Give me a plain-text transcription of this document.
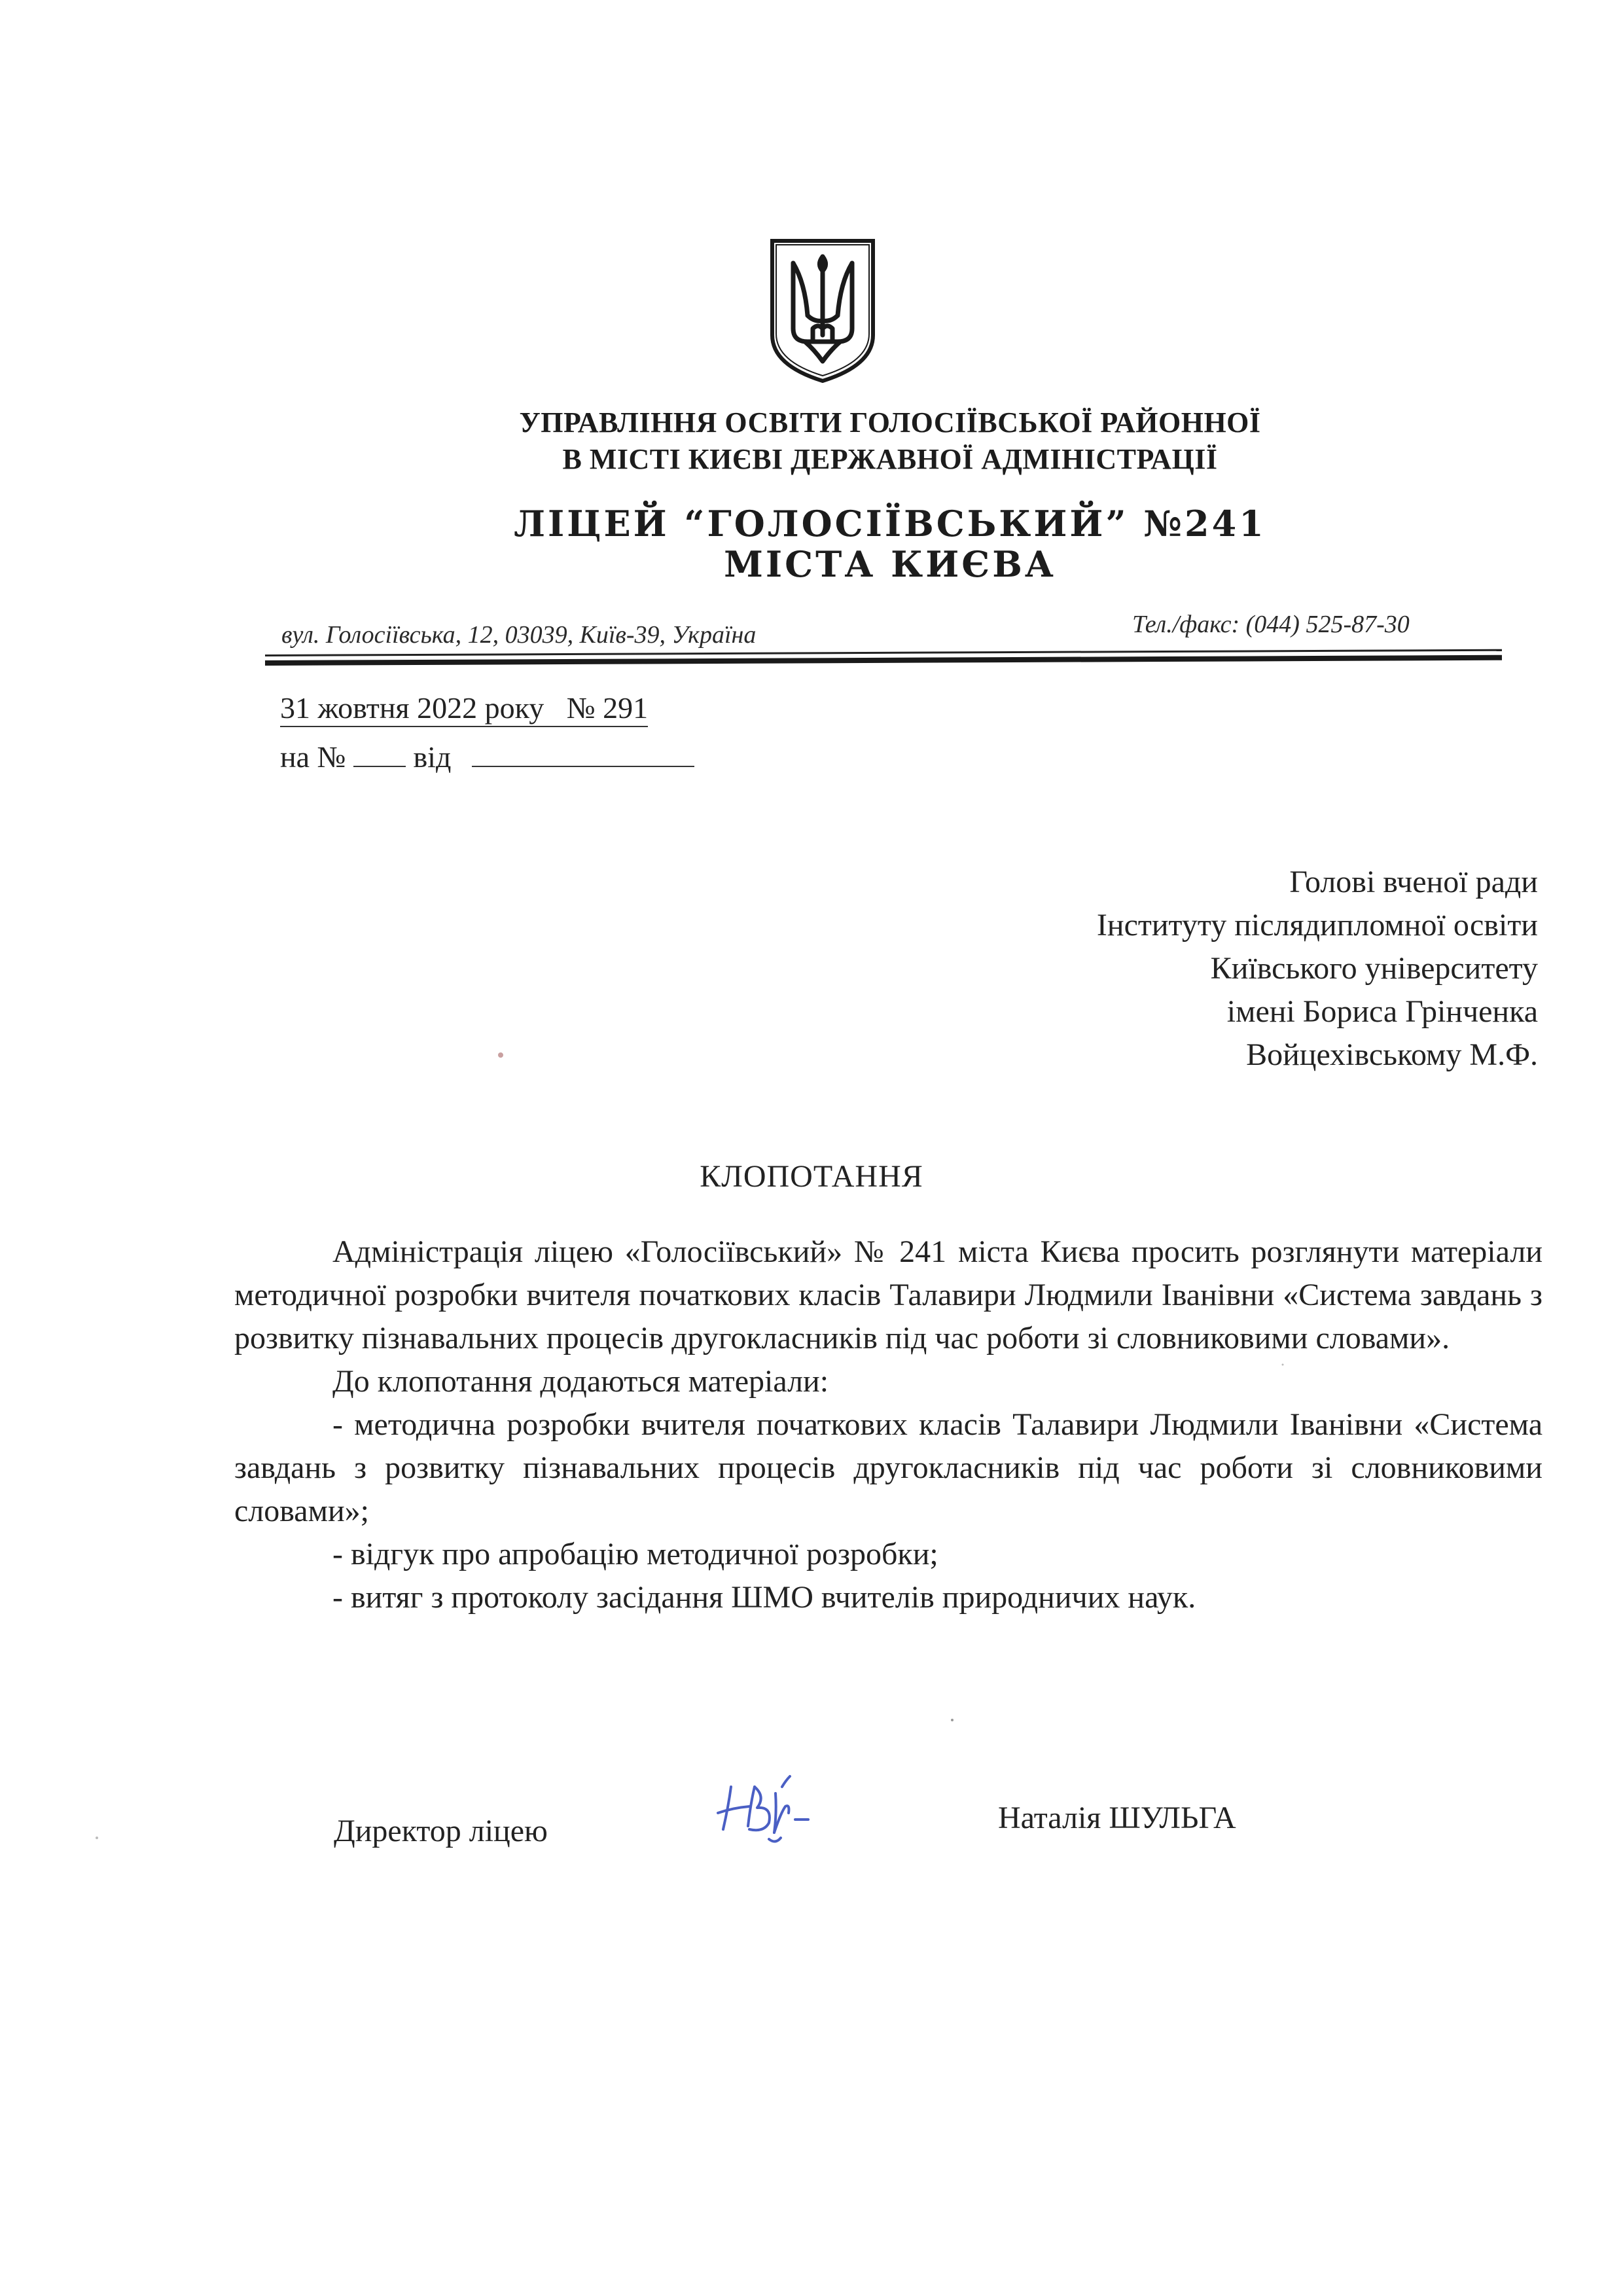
УПРАВЛІННЯ ОСВІТИ ГОЛОСІЇВСЬКОЇ РАЙОННОЇ
В МІСТІ КИЄВІ ДЕРЖАВНОЇ АДМІНІСТРАЦІЇ
ЛІЦЕЙ “ГОЛОСІЇВСЬКИЙ” №241
МІСТА КИЄВА
вул. Голосіївська, 12, 03039, Київ-39, Україна	Тел./факс: (044) 525-87-30
31 жовтня 2022 року № 291
на № від
Голові вченої ради
Інституту післядипломної освіти
Київського університету
імені Бориса Грінченка
Войцехівському М.Ф.
КЛОПОТАННЯ

Адміністрація ліцею «Голосіївський» № 241 міста Києва просить розглянути матеріали методичної розробки вчителя початкових класів Талавири Людмили Іванівни «Система завдань з розвитку пізнавальних процесів другокласників під час роботи зі словниковими словами».

До клопотання додаються матеріали:

- методична розробки вчителя початкових класів Талавири Людмили Іванівни «Система завдань з розвитку пізнавальних процесів другокласників під час роботи зі словниковими словами»;

- відгук про апробацію методичної розробки;

- витяг з протоколу засідання ШМО вчителів природничих наук.

Директор ліцею	Наталія ШУЛЬГА
